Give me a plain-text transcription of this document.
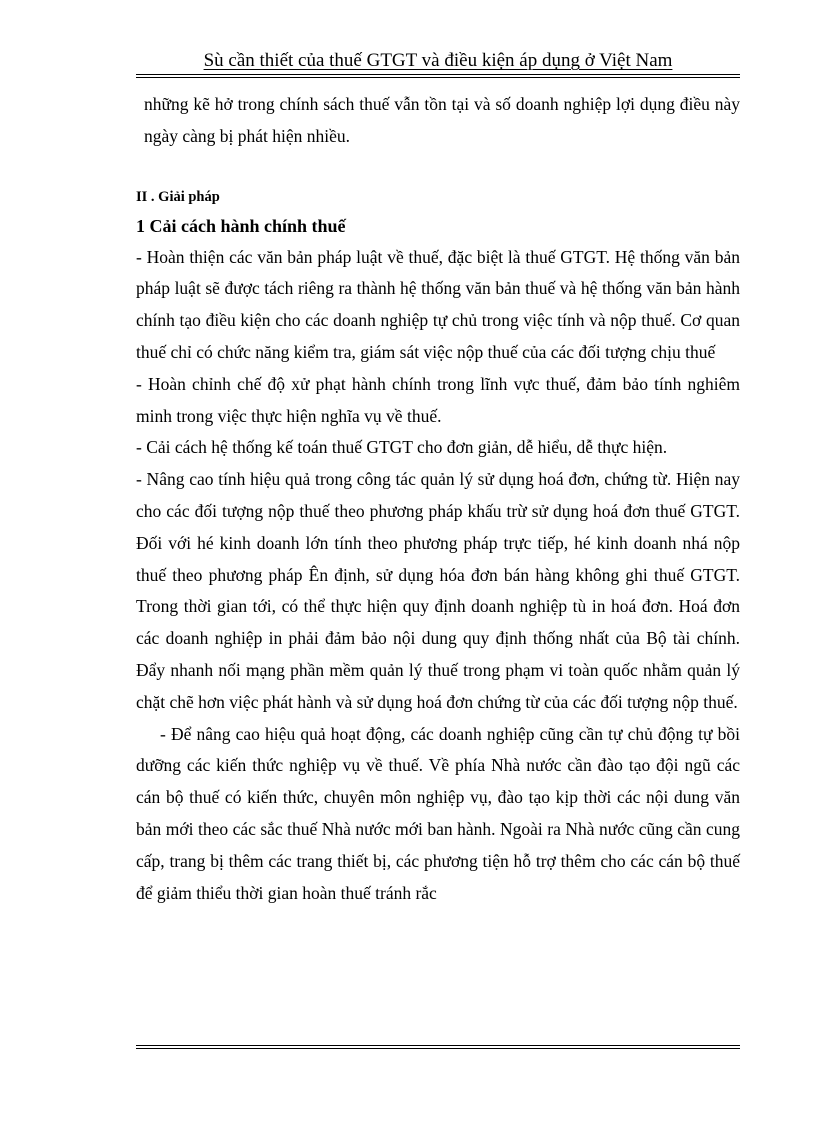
Sù cần thiết của thuế GTGT và điều kiện áp dụng ở Việt Nam

những kẽ hở trong chính sách thuế vẫn tồn tại và số doanh nghiệp lợi dụng điều này ngày càng bị phát hiện nhiều.

II . Giải pháp

1 Cải cách hành chính thuế

- Hoàn thiện các văn bản pháp luật về thuế, đặc biệt là thuế GTGT. Hệ thống văn bản pháp luật sẽ được tách riêng ra thành hệ thống văn bản thuế và hệ thống văn bản hành chính tạo điều kiện cho các doanh nghiệp tự chủ trong việc tính và nộp thuế. Cơ quan thuế chỉ có chức năng kiểm tra, giám sát việc nộp thuế của các đối tượng chịu thuế

- Hoàn chỉnh chế độ xử phạt hành chính trong lĩnh vực thuế, đảm bảo tính nghiêm minh trong việc thực hiện nghĩa vụ về thuế.

- Cải cách hệ thống kế toán thuế GTGT cho đơn giản, dễ hiểu, dễ thực hiện.

- Nâng cao tính hiệu quả trong công tác quản lý sử dụng hoá đơn, chứng từ. Hiện nay cho các đối tượng nộp thuế theo phương pháp khấu trừ sử dụng hoá đơn thuế GTGT. Đối với hé kinh doanh lớn tính theo phương pháp trực tiếp, hé kinh doanh nhá nộp thuế theo phương pháp Ên định, sử dụng hóa đơn bán hàng không ghi thuế GTGT. Trong thời gian tới, có thể thực hiện quy định doanh nghiệp tù in hoá đơn. Hoá đơn các doanh nghiệp in phải đảm bảo nội dung quy định thống nhất của Bộ tài chính. Đẩy nhanh nối mạng phần mềm quản lý thuế trong phạm vi toàn quốc nhằm quản lý chặt chẽ hơn việc phát hành và sử dụng hoá đơn chứng từ của các đối tượng nộp thuế.

- Để nâng cao hiệu quả hoạt động, các doanh nghiệp cũng cần tự chủ động tự bồi dưỡng các kiến thức nghiệp vụ về thuế. Về phía Nhà nước cần đào tạo đội ngũ các cán bộ thuế có kiến thức, chuyên môn nghiệp vụ, đào tạo kịp thời các nội dung văn bản mới theo các sắc thuế Nhà nước mới ban hành. Ngoài ra Nhà nước cũng cần cung cấp, trang bị thêm các trang thiết bị, các phương tiện hỗ trợ thêm cho các cán bộ thuế để giảm thiểu thời gian hoàn thuế tránh rắc
